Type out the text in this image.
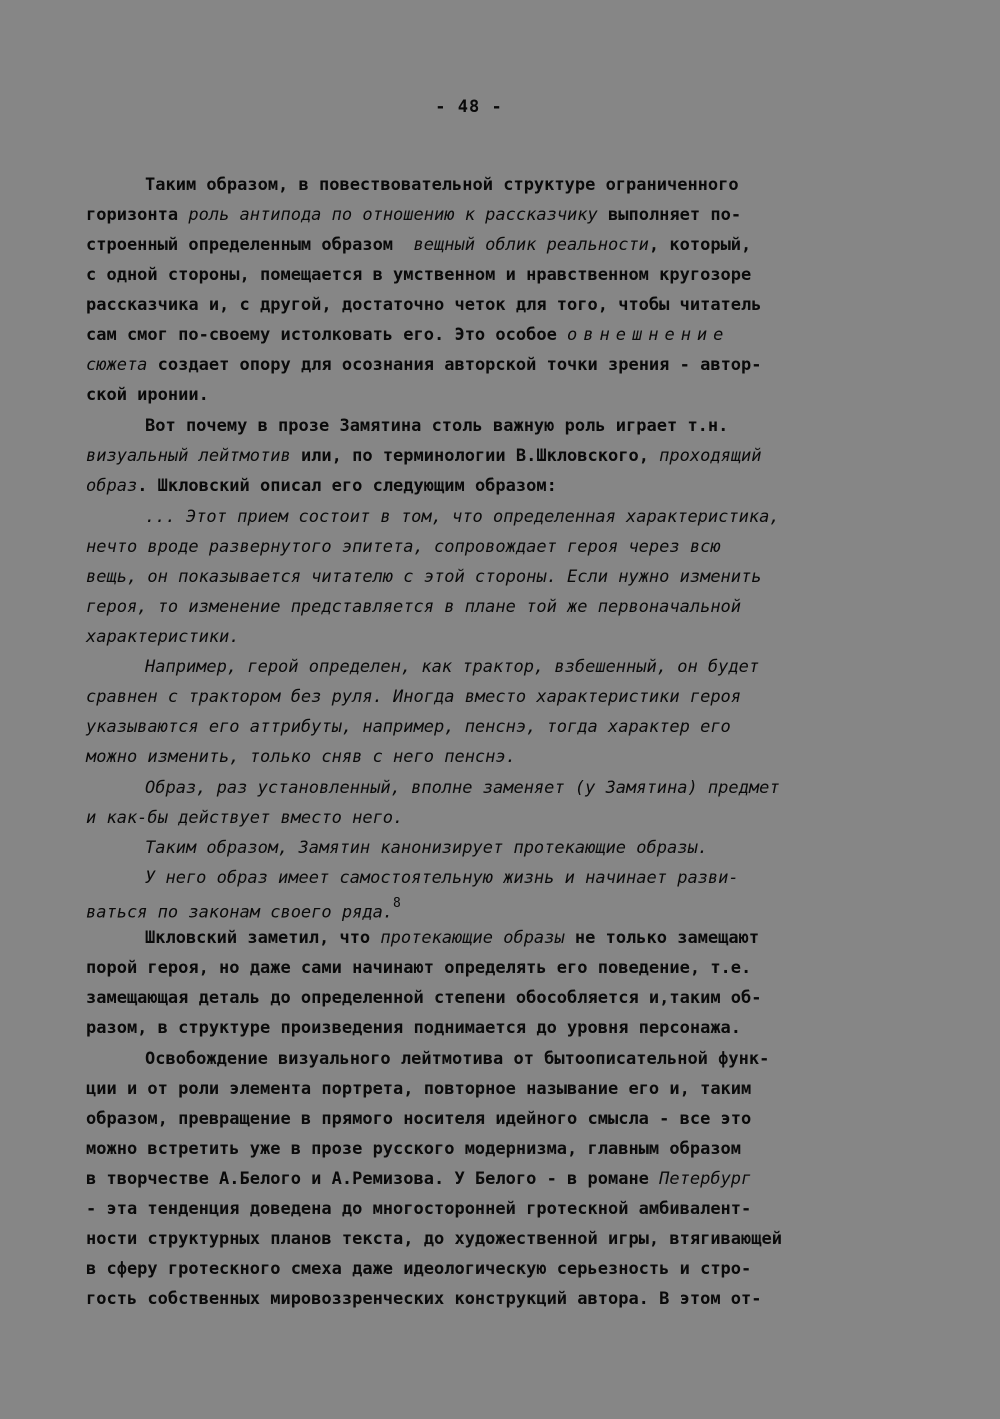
- 48 -
Таким образом, в повествовательной структуре ограниченного
горизонта роль антипода по отношению к рассказчику выполняет по-
строенный определенным образом  вещный облик реальности, который,
с одной стороны, помещается в умственном и нравственном кругозоре
рассказчика и, с другой, достаточно четок для того, чтобы читатель
сам смог по-своему истолковать его. Это особое овнешнение
сюжета создает опору для осознания авторской точки зрения - автор-
ской иронии.
Вот почему в прозе Замятина столь важную роль играет т.н.
визуальный лейтмотив или, по терминологии В.Шкловского, проходящий
образ. Шкловский описал его следующим образом:
... Этот прием состоит в том, что определенная характеристика,
нечто вроде развернутого эпитета, сопровождает героя через всю
вещь, он показывается читателю с этой стороны. Если нужно изменить
героя, то изменение представляется в плане той же первоначальной
характеристики.
Например, герой определен, как трактор, взбешенный, он будет
сравнен с трактором без руля. Иногда вместо характеристики героя
указываются его аттрибуты, например, пенснэ, тогда характер его
можно изменить, только сняв с него пенснэ.
Образ, раз установленный, вполне заменяет (у Замятина) предмет
и как-бы действует вместо него.
Таким образом, Замятин канонизирует протекающие образы.
У него образ имеет самостоятельную жизнь и начинает разви-
ваться по законам своего ряда.$^8$
Шкловский заметил, что протекающие образы не только замещают
порой героя, но даже сами начинают определять его поведение, т.е.
замещающая деталь до определенной степени обособляется и,таким об-
разом, в структуре произведения поднимается до уровня персонажа.
Освобождение визуального лейтмотива от бытоописательной функ-
ции и от роли элемента портрета, повторное называние его и, таким
образом, превращение в прямого носителя идейного смысла - все это
можно встретить уже в прозе русского модернизма, главным образом
в творчестве А.Белого и А.Ремизова. У Белого - в романе Петербург
- эта тенденция доведена до многосторонней гротескной амбивалент-
ности структурных планов текста, до художественной игры, втягивающей
в сферу гротескного смеха даже идеологическую серьезность и стро-
гость собственных мировоззренческих конструкций автора. В этом от-
